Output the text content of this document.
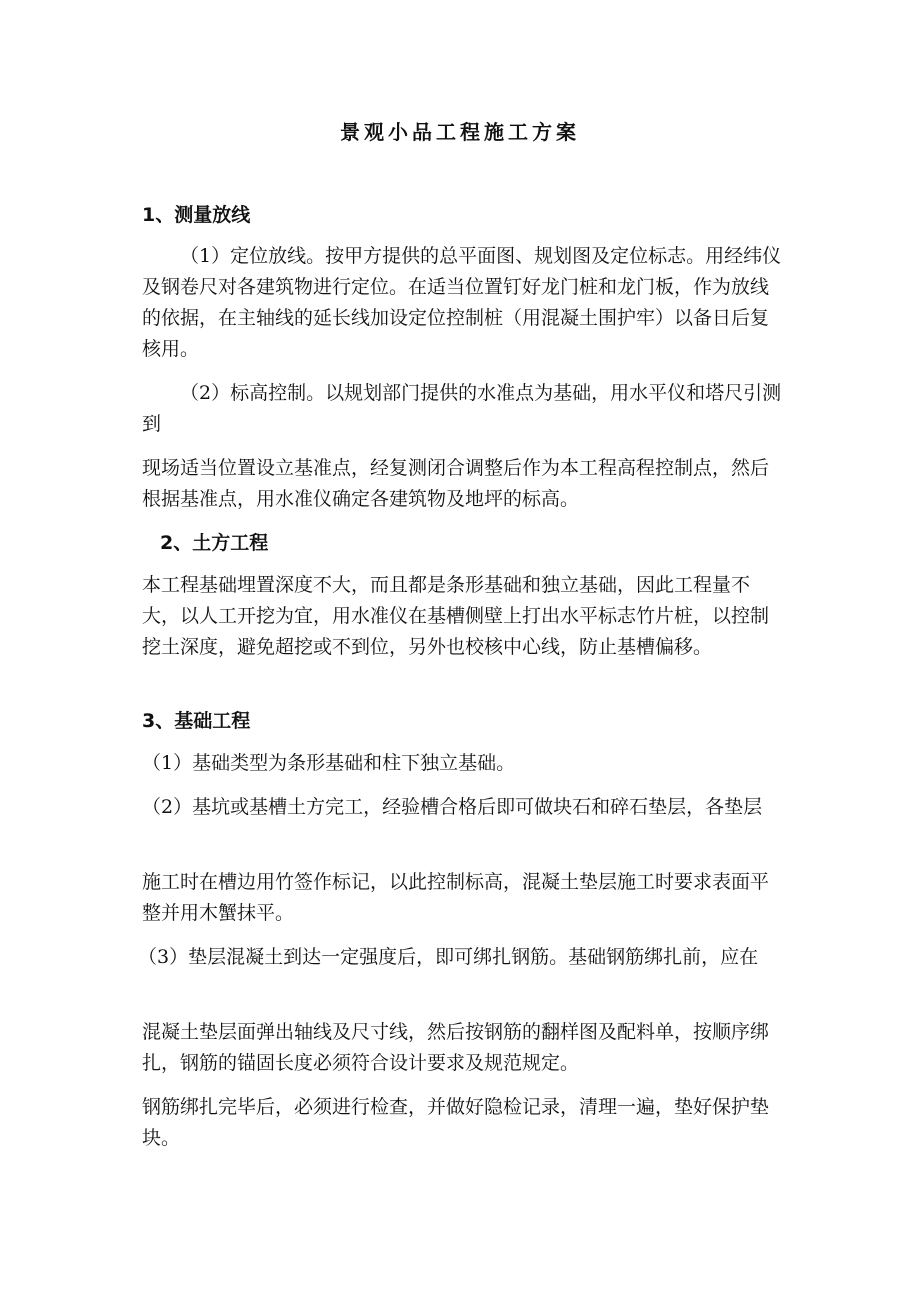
景观小品工程施工方案

1、测量放线

（1）定位放线。按甲方提供的总平面图、规划图及定位标志。用经纬仪及钢卷尺对各建筑物进行定位。在适当位置钉好龙门桩和龙门板，作为放线的依据，在主轴线的延长线加设定位控制桩（用混凝土围护牢）以备日后复核用。

（2）标高控制。以规划部门提供的水准点为基础，用水平仪和塔尺引测到

现场适当位置设立基准点，经复测闭合调整后作为本工程高程控制点，然后根据基准点，用水准仪确定各建筑物及地坪的标高。

2、土方工程

本工程基础埋置深度不大，而且都是条形基础和独立基础，因此工程量不大，以人工开挖为宜，用水准仪在基槽侧壁上打出水平标志竹片桩，以控制挖土深度，避免超挖或不到位，另外也校核中心线，防止基槽偏移。

3、基础工程

（1）基础类型为条形基础和柱下独立基础。

（2）基坑或基槽土方完工，经验槽合格后即可做块石和碎石垫层，各垫层

施工时在槽边用竹签作标记，以此控制标高，混凝土垫层施工时要求表面平整并用木蟹抹平。

（3）垫层混凝土到达一定强度后，即可绑扎钢筋。基础钢筋绑扎前，应在

混凝土垫层面弹出轴线及尺寸线，然后按钢筋的翻样图及配料单，按顺序绑扎，钢筋的锚固长度必须符合设计要求及规范规定。

钢筋绑扎完毕后，必须进行检查，并做好隐检记录，清理一遍，垫好保护垫块。
